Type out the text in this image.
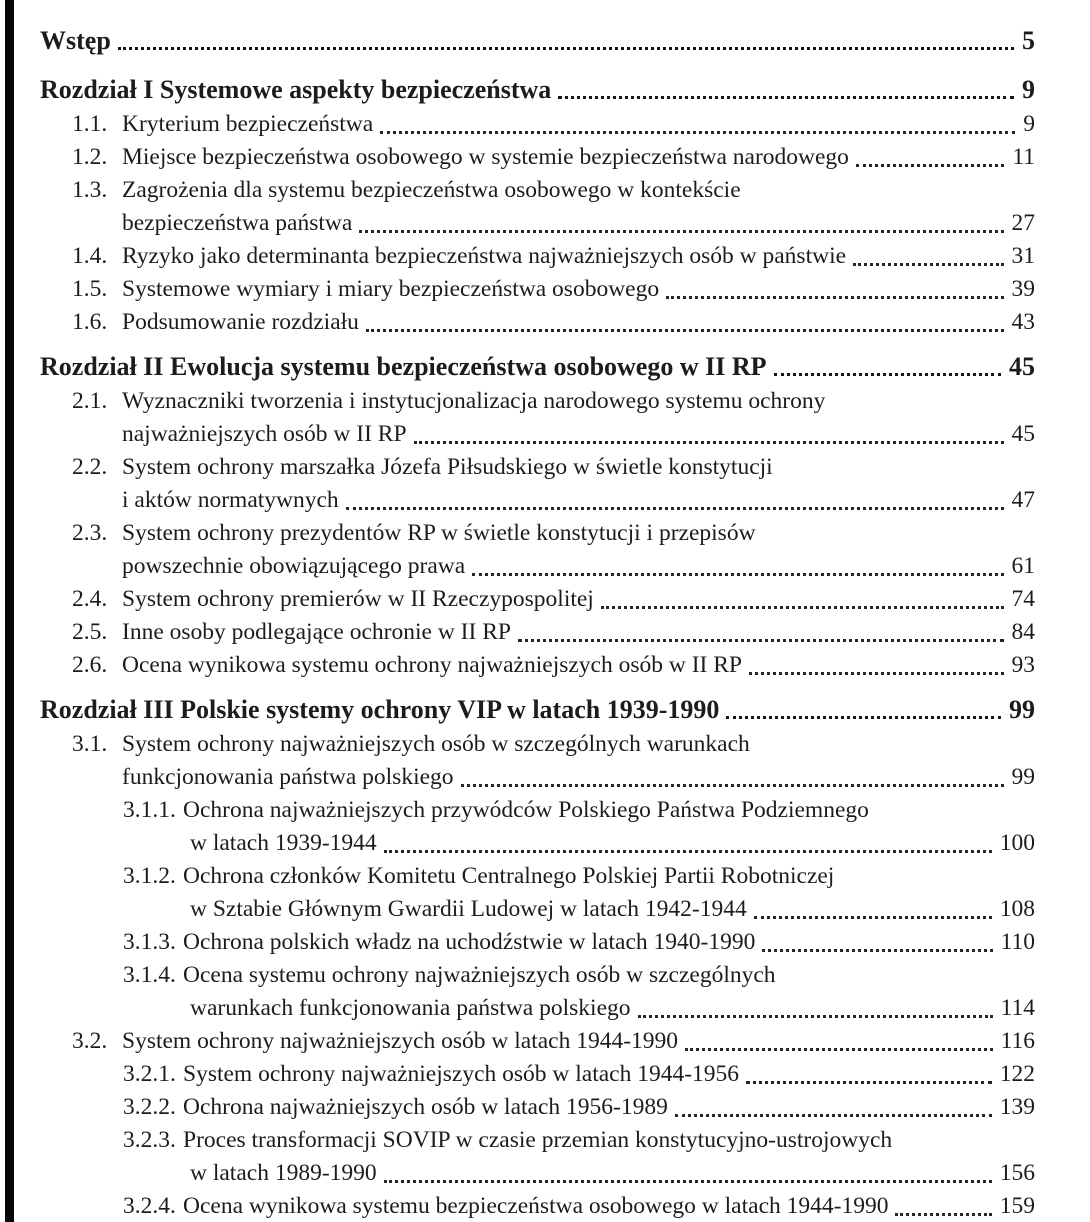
Wstęp	5
Rozdział I Systemowe aspekty bezpieczeństwa	9
1.1. Kryterium bezpieczeństwa	9
1.2. Miejsce bezpieczeństwa osobowego w systemie bezpieczeństwa narodowego	11
1.3. Zagrożenia dla systemu bezpieczeństwa osobowego w kontekście
bezpieczeństwa państwa	27
1.4. Ryzyko jako determinanta bezpieczeństwa najważniejszych osób w państwie	31
1.5. Systemowe wymiary i miary bezpieczeństwa osobowego	39
1.6. Podsumowanie rozdziału	43
Rozdział II Ewolucja systemu bezpieczeństwa osobowego w II RP	45
2.1. Wyznaczniki tworzenia i instytucjonalizacja narodowego systemu ochrony
najważniejszych osób w II RP	45
2.2. System ochrony marszałka Józefa Piłsudskiego w świetle konstytucji
i aktów normatywnych	47
2.3. System ochrony prezydentów RP w świetle konstytucji i przepisów
powszechnie obowiązującego prawa	61
2.4. System ochrony premierów w II Rzeczypospolitej	74
2.5. Inne osoby podlegające ochronie w II RP	84
2.6. Ocena wynikowa systemu ochrony najważniejszych osób w II RP	93
Rozdział III Polskie systemy ochrony VIP w latach 1939-1990	99
3.1. System ochrony najważniejszych osób w szczególnych warunkach
funkcjonowania państwa polskiego	99
3.1.1. Ochrona najważniejszych przywódców Polskiego Państwa Podziemnego
w latach 1939-1944	100
3.1.2. Ochrona członków Komitetu Centralnego Polskiej Partii Robotniczej
w Sztabie Głównym Gwardii Ludowej w latach 1942-1944	108
3.1.3. Ochrona polskich władz na uchodźstwie w latach 1940-1990	110
3.1.4. Ocena systemu ochrony najważniejszych osób w szczególnych
warunkach funkcjonowania państwa polskiego	114
3.2. System ochrony najważniejszych osób w latach 1944-1990	116
3.2.1. System ochrony najważniejszych osób w latach 1944-1956	122
3.2.2. Ochrona najważniejszych osób w latach 1956-1989	139
3.2.3. Proces transformacji SOVIP w czasie przemian konstytucyjno-ustrojowych
w latach 1989-1990	156
3.2.4. Ocena wynikowa systemu bezpieczeństwa osobowego w latach 1944-1990	159
